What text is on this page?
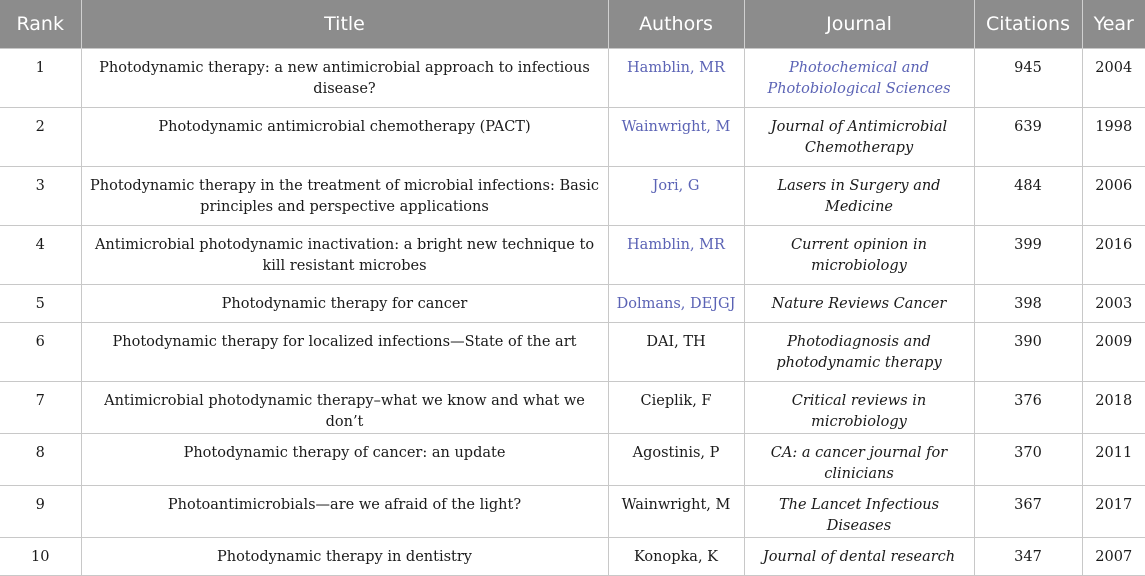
Rank	Title	Authors	Journal	Citations	Year
1	Photodynamic therapy: a new antimicrobial approach to infectious disease?	Hamblin, MR	Photochemical and Photobiological Sciences	945	2004
2	Photodynamic antimicrobial chemotherapy (PACT)	Wainwright, M	Journal of Antimicrobial Chemotherapy	639	1998
3	Photodynamic therapy in the treatment of microbial infections: Basic principles and perspective applications	Jori, G	Lasers in Surgery and Medicine	484	2006
4	Antimicrobial photodynamic inactivation: a bright new technique to kill resistant microbes	Hamblin, MR	Current opinion in microbiology	399	2016
5	Photodynamic therapy for cancer	Dolmans, DEJGJ	Nature Reviews Cancer	398	2003
6	Photodynamic therapy for localized infections—State of the art	DAI, TH	Photodiagnosis and photodynamic therapy	390	2009
7	Antimicrobial photodynamic therapy–what we know and what we don’t	Cieplik, F	Critical reviews in microbiology	376	2018
8	Photodynamic therapy of cancer: an update	Agostinis, P	CA: a cancer journal for clinicians	370	2011
9	Photoantimicrobials—are we afraid of the light?	Wainwright, M	The Lancet Infectious Diseases	367	2017
10	Photodynamic therapy in dentistry	Konopka, K	Journal of dental research	347	2007
